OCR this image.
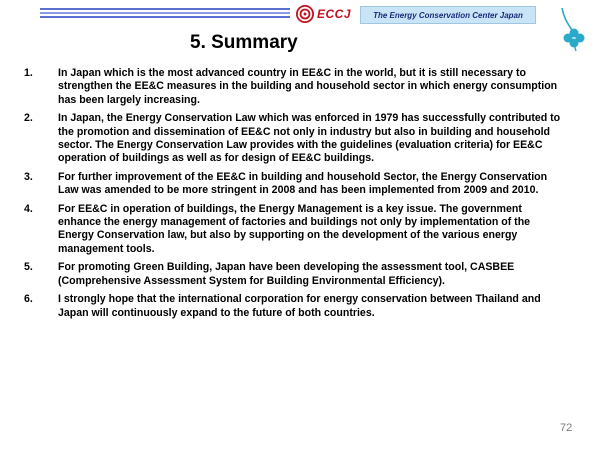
ECCJ	The Energy Conservation Center Japan
5. Summary
1.	In Japan which is the most advanced country in EE&C in the world, but it is still necessary to strengthen the EE&C measures in the building and household sector in which energy consumption has been largely increasing.
2.	In Japan, the Energy Conservation Law which was enforced in 1979 has successfully contributed to the promotion and dissemination of EE&C not only in industry but also in building and household sector. The Energy Conservation Law provides with the guidelines (evaluation criteria) for EE&C operation of buildings as well as for design of EE&C buildings.
3.	For further improvement of the EE&C in building and household Sector, the Energy Conservation Law was amended to be more stringent in 2008 and has been implemented from 2009 and 2010.
4.	For EE&C in operation of buildings, the Energy Management is a key issue. The government enhance the energy management of factories and buildings not only by implementation of the Energy Conservation law, but also by supporting on the development of the various energy management tools.
5.	For promoting Green Building, Japan have been developing the assessment tool, CASBEE (Comprehensive Assessment System for Building Environmental Efficiency).
6.	I strongly hope that the international corporation for energy conservation between Thailand and Japan will continuously expand to the future of both countries.
72
